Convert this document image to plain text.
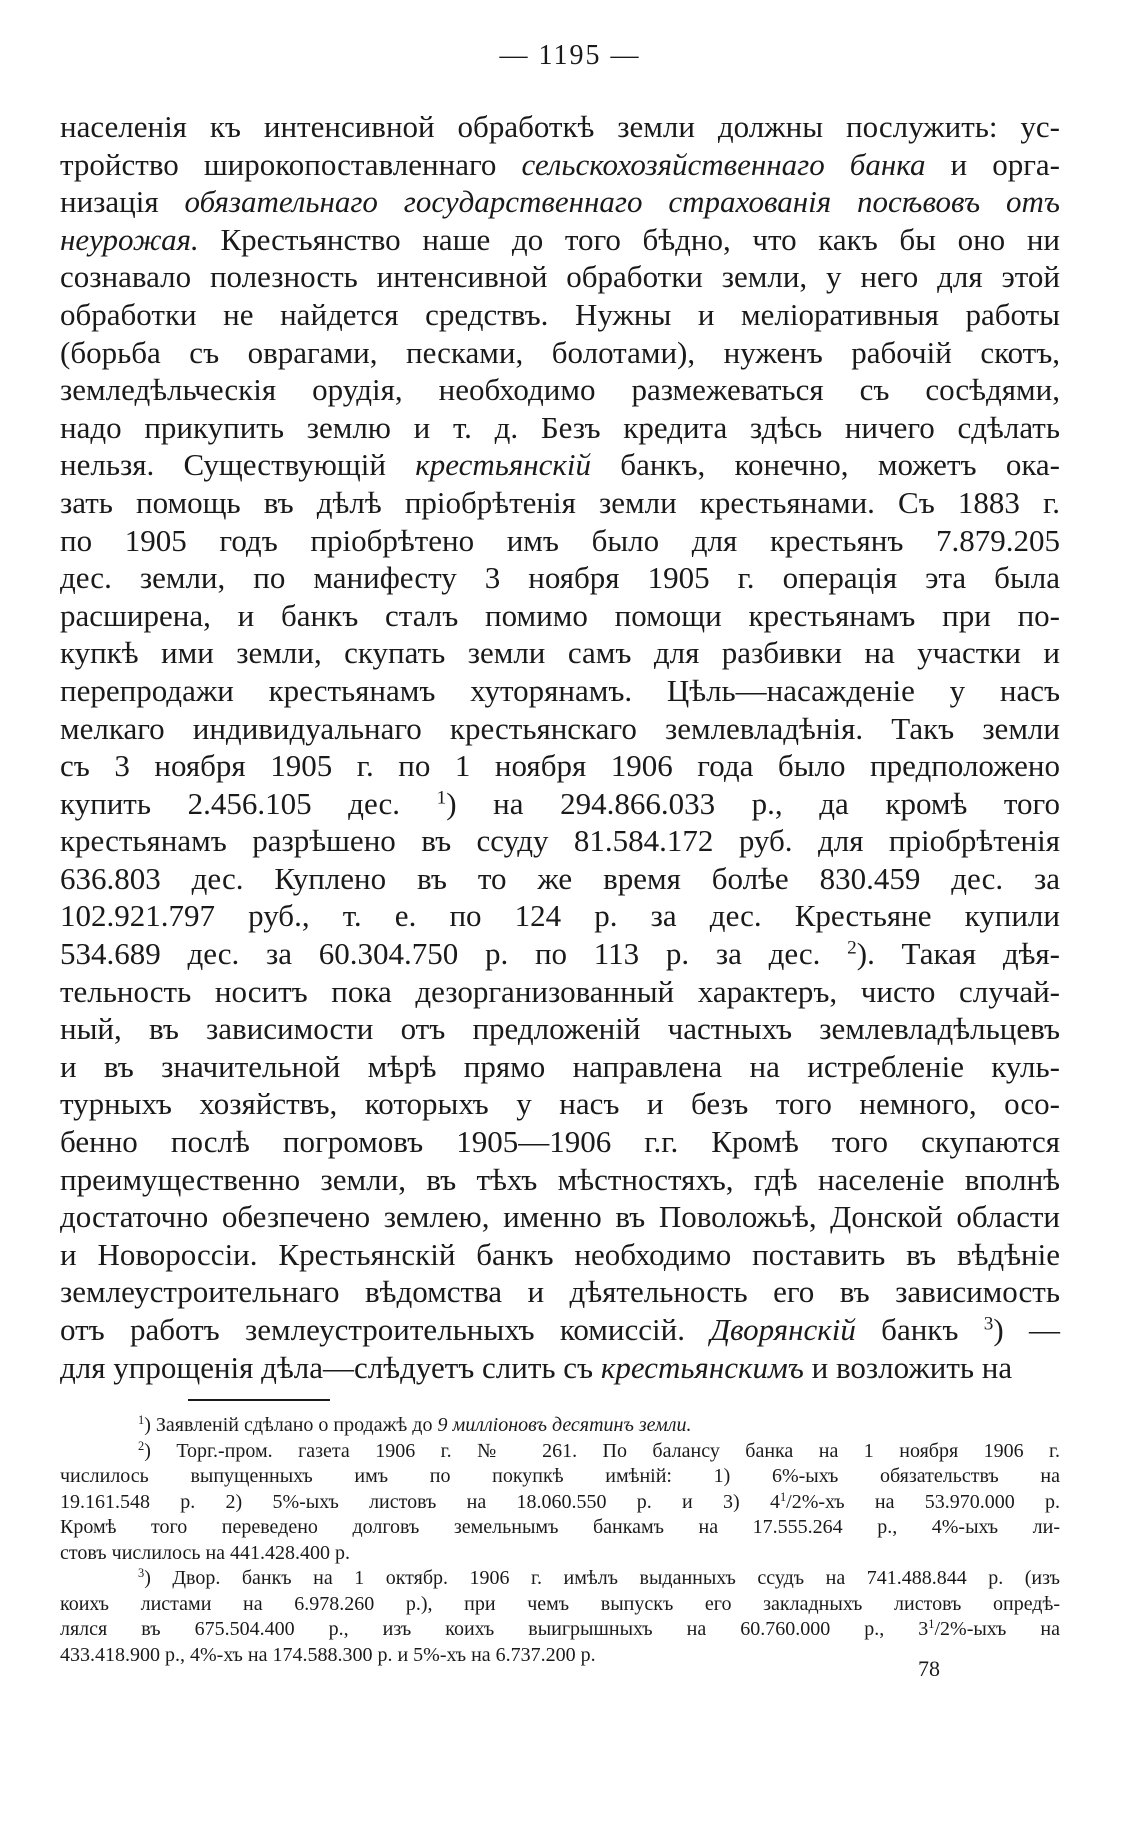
— 1195 —
населенія къ интенсивной обработкѣ земли должны послужить: ус-
тройство широкопоставленнаго сельскохозяйственнаго банка и орга-
низація обязательнаго государственнаго страхованія посѣвовъ отъ
неурожая. Крестьянство наше до того бѣдно, что какъ бы оно ни
сознавало полезность интенсивной обработки земли, у него для этой
обработки не найдется средствъ. Нужны и меліоративныя работы
(борьба съ оврагами, песками, болотами), нуженъ рабочій скотъ,
земледѣльческія орудія, необходимо размежеваться съ сосѣдями,
надо прикупить землю и т. д. Безъ кредита здѣсь ничего сдѣлать
нельзя. Существующій крестьянскій банкъ, конечно, можетъ ока-
зать помощь въ дѣлѣ пріобрѣтенія земли крестьянами. Съ 1883 г.
по 1905 годъ пріобрѣтено имъ было для крестьянъ 7.879.205
дес. земли, по манифесту 3 ноября 1905 г. операція эта была
расширена, и банкъ сталъ помимо помощи крестьянамъ при по-
купкѣ ими земли, скупать земли самъ для разбивки на участки и
перепродажи крестьянамъ хуторянамъ. Цѣль—насажденіе у насъ
мелкаго индивидуальнаго крестьянскаго землевладѣнія. Такъ земли
съ 3 ноября 1905 г. по 1 ноября 1906 года было предположено
купить 2.456.105 дес. $^1$) на 294.866.033 р., да кромѣ того
крестьянамъ разрѣшено въ ссуду 81.584.172 руб. для пріобрѣтенія
636.803 дес. Куплено въ то же время болѣе 830.459 дес. за
102.921.797 руб., т. е. по 124 р. за дес. Крестьяне купили
534.689 дес. за 60.304.750 р. по 113 р. за дес. $^2$). Такая дѣя-
тельность носитъ пока дезорганизованный характеръ, чисто случай-
ный, въ зависимости отъ предложеній частныхъ землевладѣльцевъ
и въ значительной мѣрѣ прямо направлена на истребленіе куль-
турныхъ хозяйствъ, которыхъ у насъ и безъ того немного, осо-
бенно послѣ погромовъ 1905—1906 г.г. Кромѣ того скупаются
преимущественно земли, въ тѣхъ мѣстностяхъ, гдѣ населеніе вполнѣ
достаточно обезпечено землею, именно въ Поволожьѣ, Донской области
и Новороссіи. Крестьянскій банкъ необходимо поставить въ вѣдѣніе
землеустроительнаго вѣдомства и дѣятельность его въ зависимость
отъ работъ землеустроительныхъ комиссій. Дворянскій банкъ $^3$) —
для упрощенія дѣла—слѣдуетъ слить съ крестьянскимъ и возложить на
$^1$) Заявленій сдѣлано о продажѣ до 9 милліоновъ десятинъ земли.
$^2$) Торг.-пром. газета 1906 г. № 261. По балансу банка на 1 ноября 1906 г.
числилось выпущенныхъ имъ по покупкѣ имѣній: 1) 6%-ыхъ обязательствъ на
19.161.548 р. 2) 5%-ыхъ листовъ на 18.060.550 р. и 3) $4^1/2\%-хъ$ на 53.970.000 р.
Кромѣ того переведено долговъ земельнымъ банкамъ на 17.555.264 р., 4%-ыхъ ли-
стовъ числилось на 441.428.400 р.
$^3$) Двор. банкъ на 1 октябр. 1906 г. имѣлъ выданныхъ ссудъ на 741.488.844 р. (изъ
коихъ листами на 6.978.260 р.), при чемъ выпускъ его закладныхъ листовъ опредѣ-
лялся въ 675.504.400 р., изъ коихъ выигрышныхъ на 60.760.000 р., $3^1/2\%$-ыхъ на
433.418.900 р., 4%-хъ на 174.588.300 р. и 5%-хъ на 6.737.200 р.
78
